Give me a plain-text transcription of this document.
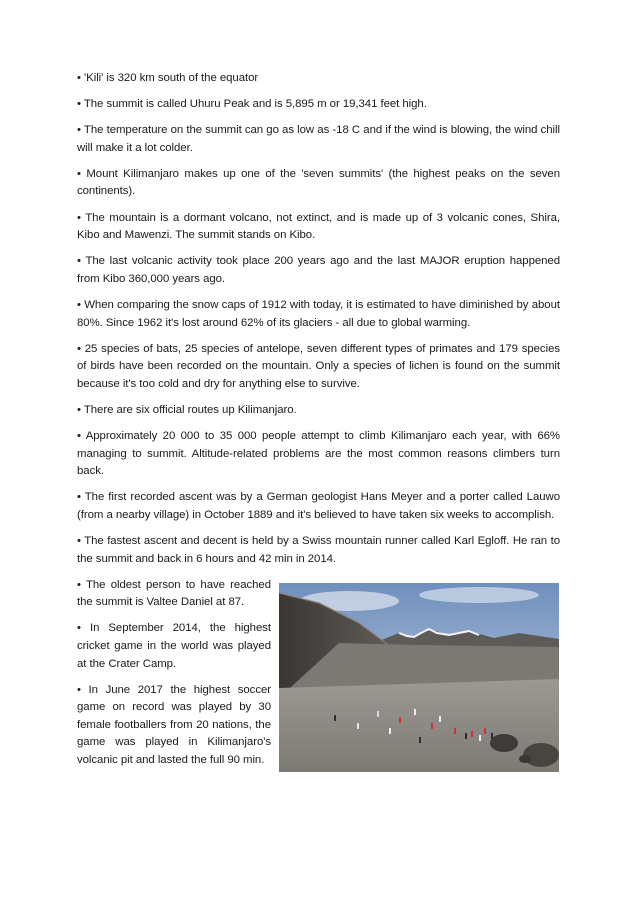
• 'Kili' is 320 km south of the equator

• The summit is called Uhuru Peak and is 5,895 m or 19,341 feet high.

• The temperature on the summit can go as low as -18 C and if the wind is blowing, the wind chill will make it a lot colder.

• Mount Kilimanjaro makes up one of the 'seven summits' (the highest peaks on the seven continents).

• The mountain is a dormant volcano, not extinct, and is made up of 3 volcanic cones, Shira, Kibo and Mawenzi. The summit stands on Kibo.

• The last volcanic activity took place 200 years ago and the last MAJOR eruption happened from Kibo 360,000 years ago.

• When comparing the snow caps of 1912 with today, it is estimated to have diminished by about 80%. Since 1962 it's lost around 62% of its glaciers - all due to global warming.

• 25 species of bats, 25 species of antelope, seven different types of primates and 179 species of birds have been recorded on the mountain. Only a species of lichen is found on the summit because it's too cold and dry for anything else to survive.

• There are six official routes up Kilimanjaro.

• Approximately 20 000 to 35 000 people attempt to climb Kilimanjaro each year, with 66% managing to summit. Altitude-related problems are the most common reasons climbers turn back.

• The first recorded ascent was by a German geologist Hans Meyer and a porter called Lauwo (from a nearby village) in October 1889 and it's believed to have taken six weeks to accomplish.

• The fastest ascent and decent is held by a Swiss mountain runner called Karl Egloff. He ran to the summit and back in 6 hours and 42 min in 2014.

• The oldest person to have reached the summit is Valtee Daniel at 87.

• In September 2014, the highest cricket game in the world was played at the Crater Camp.

• In June 2017 the highest soccer game on record was played by 30 female footballers from 20 nations, the game was played in Kilimanjaro's volcanic pit and lasted the full 90 min.
